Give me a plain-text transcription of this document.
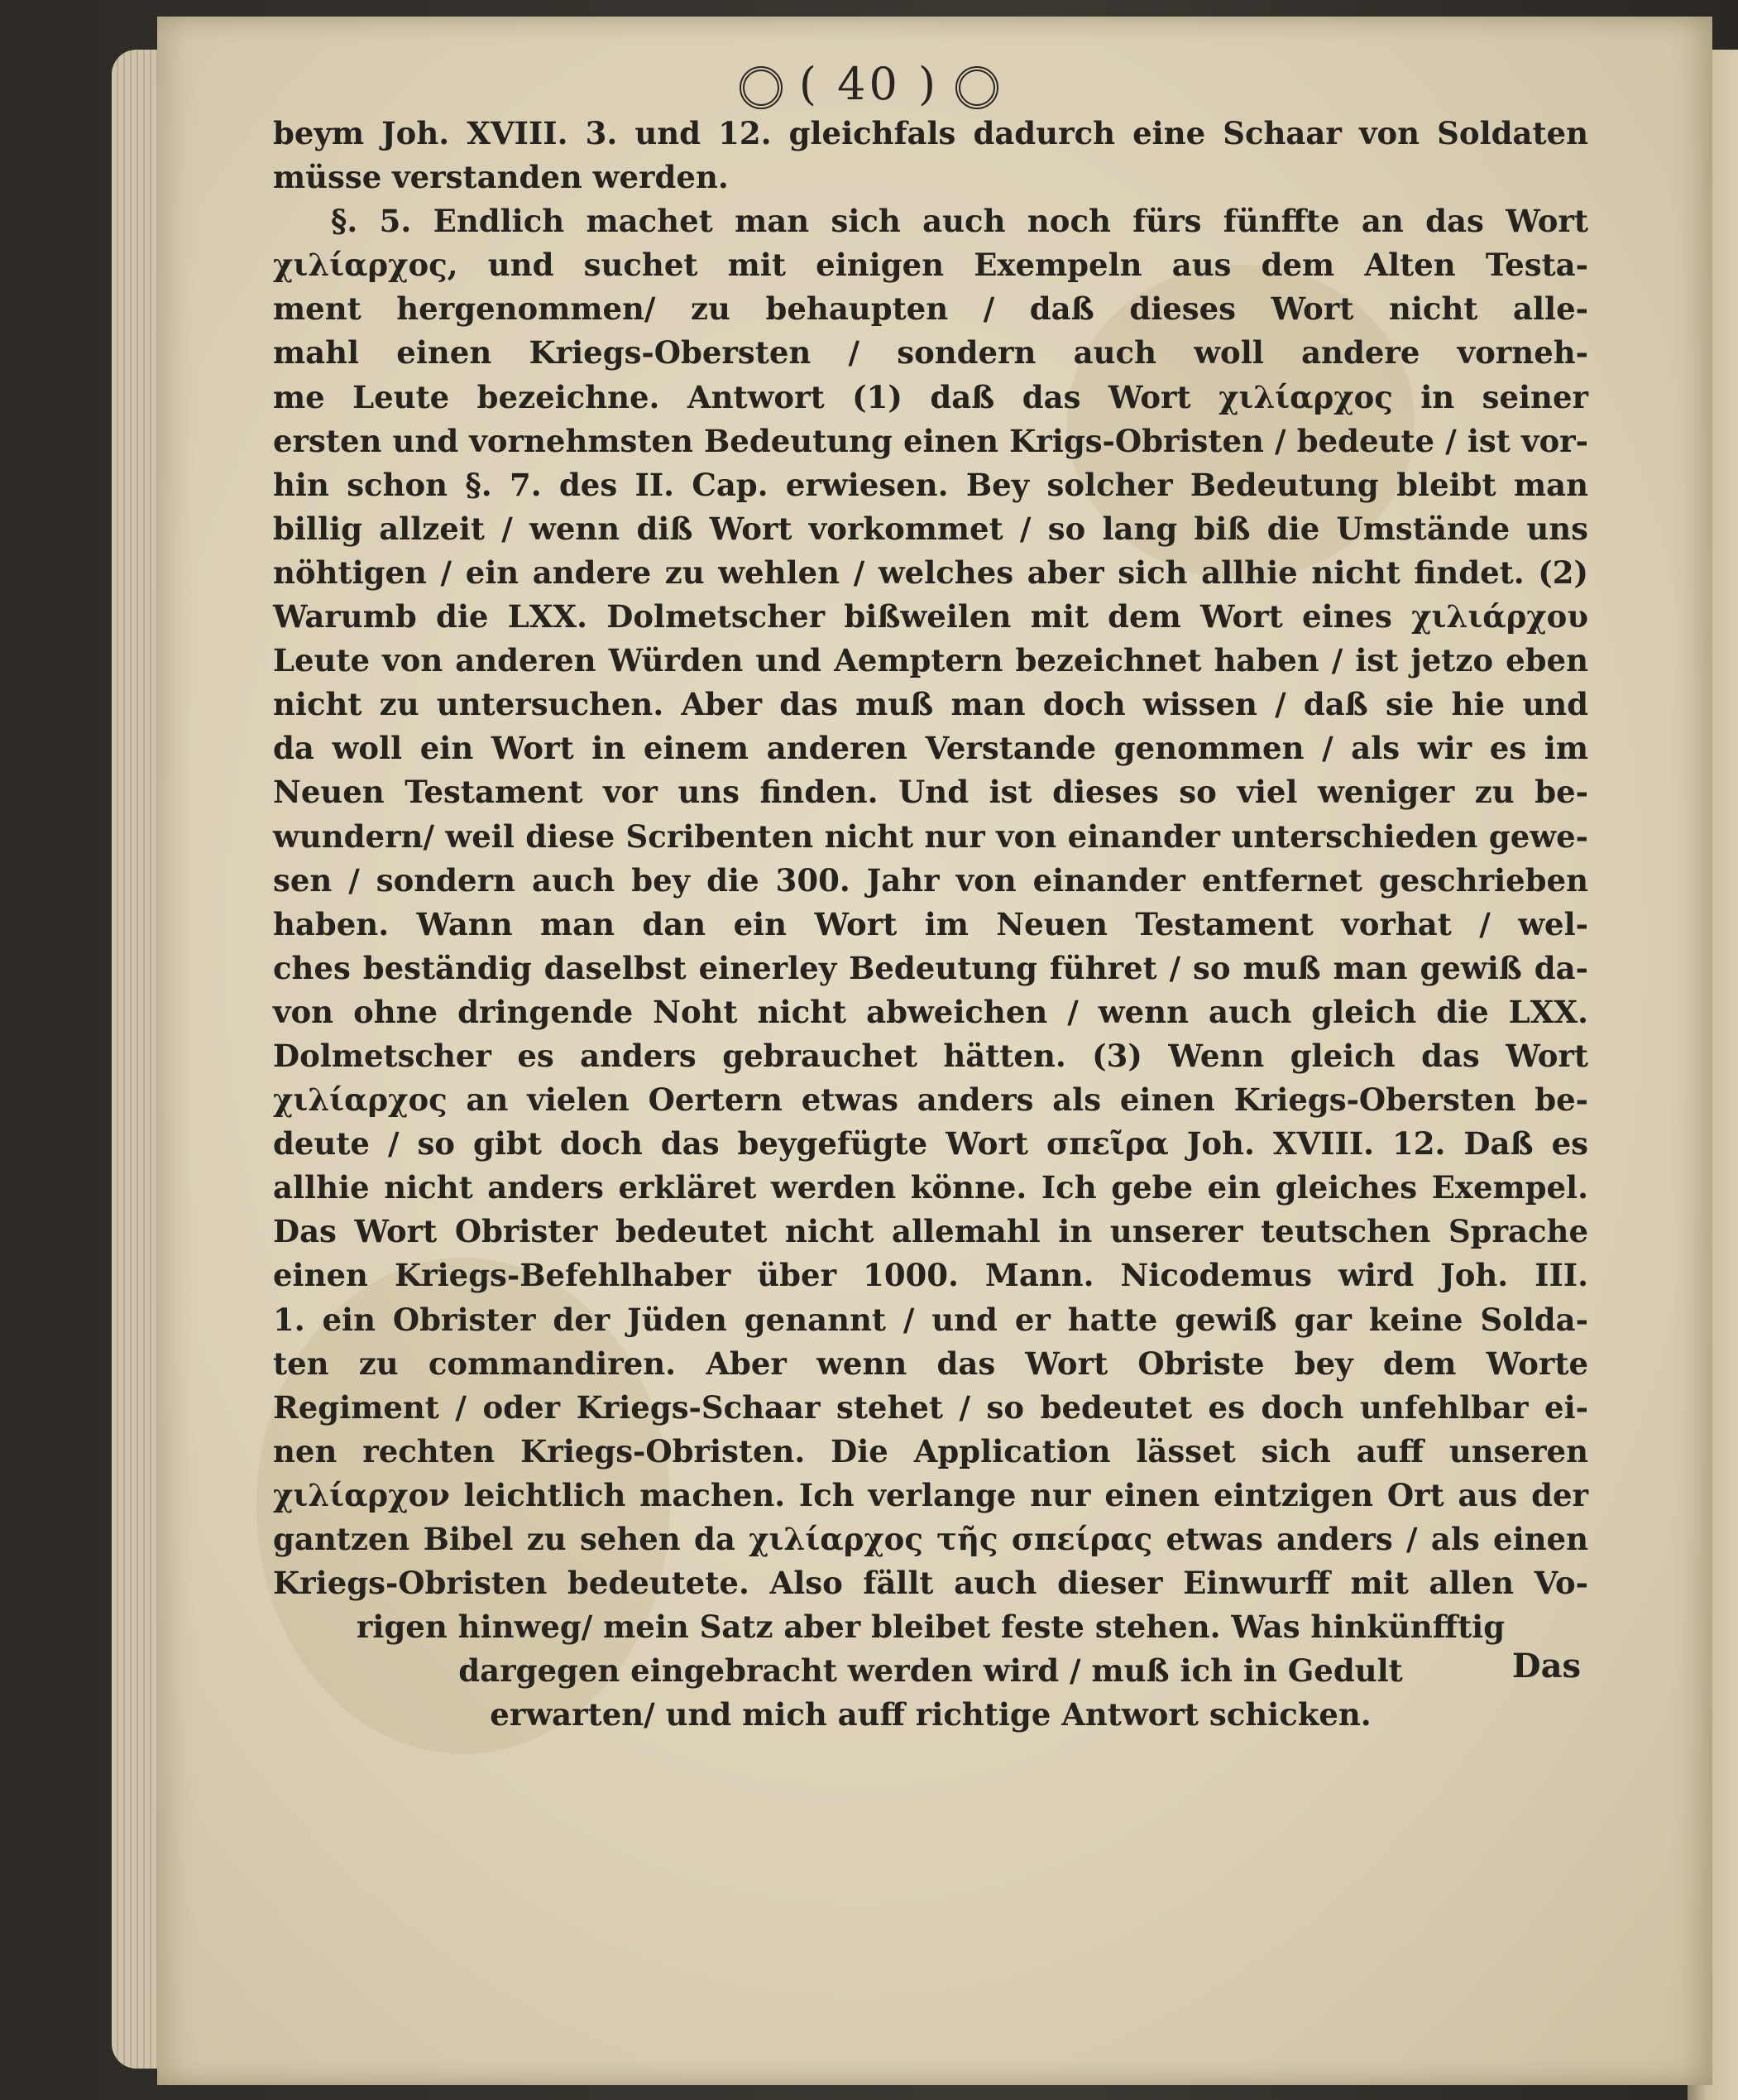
( 40 )
beym Joh. XVIII. 3. und 12. gleichfals dadurch eine Schaar von Soldaten
müsse verstanden werden.
§. 5. Endlich machet man sich auch noch fürs fünffte an das Wort
χιλίαρχος, und suchet mit einigen Exempeln aus dem Alten Testa-
ment hergenommen/ zu behaupten / daß dieses Wort nicht alle-
mahl einen Kriegs-Obersten / sondern auch woll andere vorneh-
me Leute bezeichne. Antwort (1) daß das Wort χιλίαρχος in seiner
ersten und vornehmsten Bedeutung einen Krigs-Obristen / bedeute / ist vor-
hin schon §. 7. des II. Cap. erwiesen. Bey solcher Bedeutung bleibt man
billig allzeit / wenn diß Wort vorkommet / so lang biß die Umstände uns
nöhtigen / ein andere zu wehlen / welches aber sich allhie nicht findet. (2)
Warumb die LXX. Dolmetscher bißweilen mit dem Wort eines χιλιάρχου
Leute von anderen Würden und Aemptern bezeichnet haben / ist jetzo eben
nicht zu untersuchen. Aber das muß man doch wissen / daß sie hie und
da woll ein Wort in einem anderen Verstande genommen / als wir es im
Neuen Testament vor uns finden. Und ist dieses so viel weniger zu be-
wundern/ weil diese Scribenten nicht nur von einander unterschieden gewe-
sen / sondern auch bey die 300. Jahr von einander entfernet geschrieben
haben. Wann man dan ein Wort im Neuen Testament vorhat / wel-
ches beständig daselbst einerley Bedeutung führet / so muß man gewiß da-
von ohne dringende Noht nicht abweichen / wenn auch gleich die LXX.
Dolmetscher es anders gebrauchet hätten. (3) Wenn gleich das Wort
χιλίαρχος an vielen Oertern etwas anders als einen Kriegs-Obersten be-
deute / so gibt doch das beygefügte Wort σπεῖρα Joh. XVIII. 12. Daß es
allhie nicht anders erkläret werden könne. Ich gebe ein gleiches Exempel.
Das Wort Obrister bedeutet nicht allemahl in unserer teutschen Sprache
einen Kriegs-Befehlhaber über 1000. Mann. Nicodemus wird Joh. III.
1. ein Obrister der Jüden genannt / und er hatte gewiß gar keine Solda-
ten zu commandiren. Aber wenn das Wort Obriste bey dem Worte
Regiment / oder Kriegs-Schaar stehet / so bedeutet es doch unfehlbar ei-
nen rechten Kriegs-Obristen. Die Application lässet sich auff unseren
χιλίαρχον leichtlich machen. Ich verlange nur einen eintzigen Ort aus der
gantzen Bibel zu sehen da χιλίαρχος τῆς σπείρας etwas anders / als einen
Kriegs-Obristen bedeutete. Also fällt auch dieser Einwurff mit allen Vo-
rigen hinweg/ mein Satz aber bleibet feste stehen. Was hinkünfftig
dargegen eingebracht werden wird / muß ich in Gedult
erwarten/ und mich auff richtige Antwort schicken.
Das
